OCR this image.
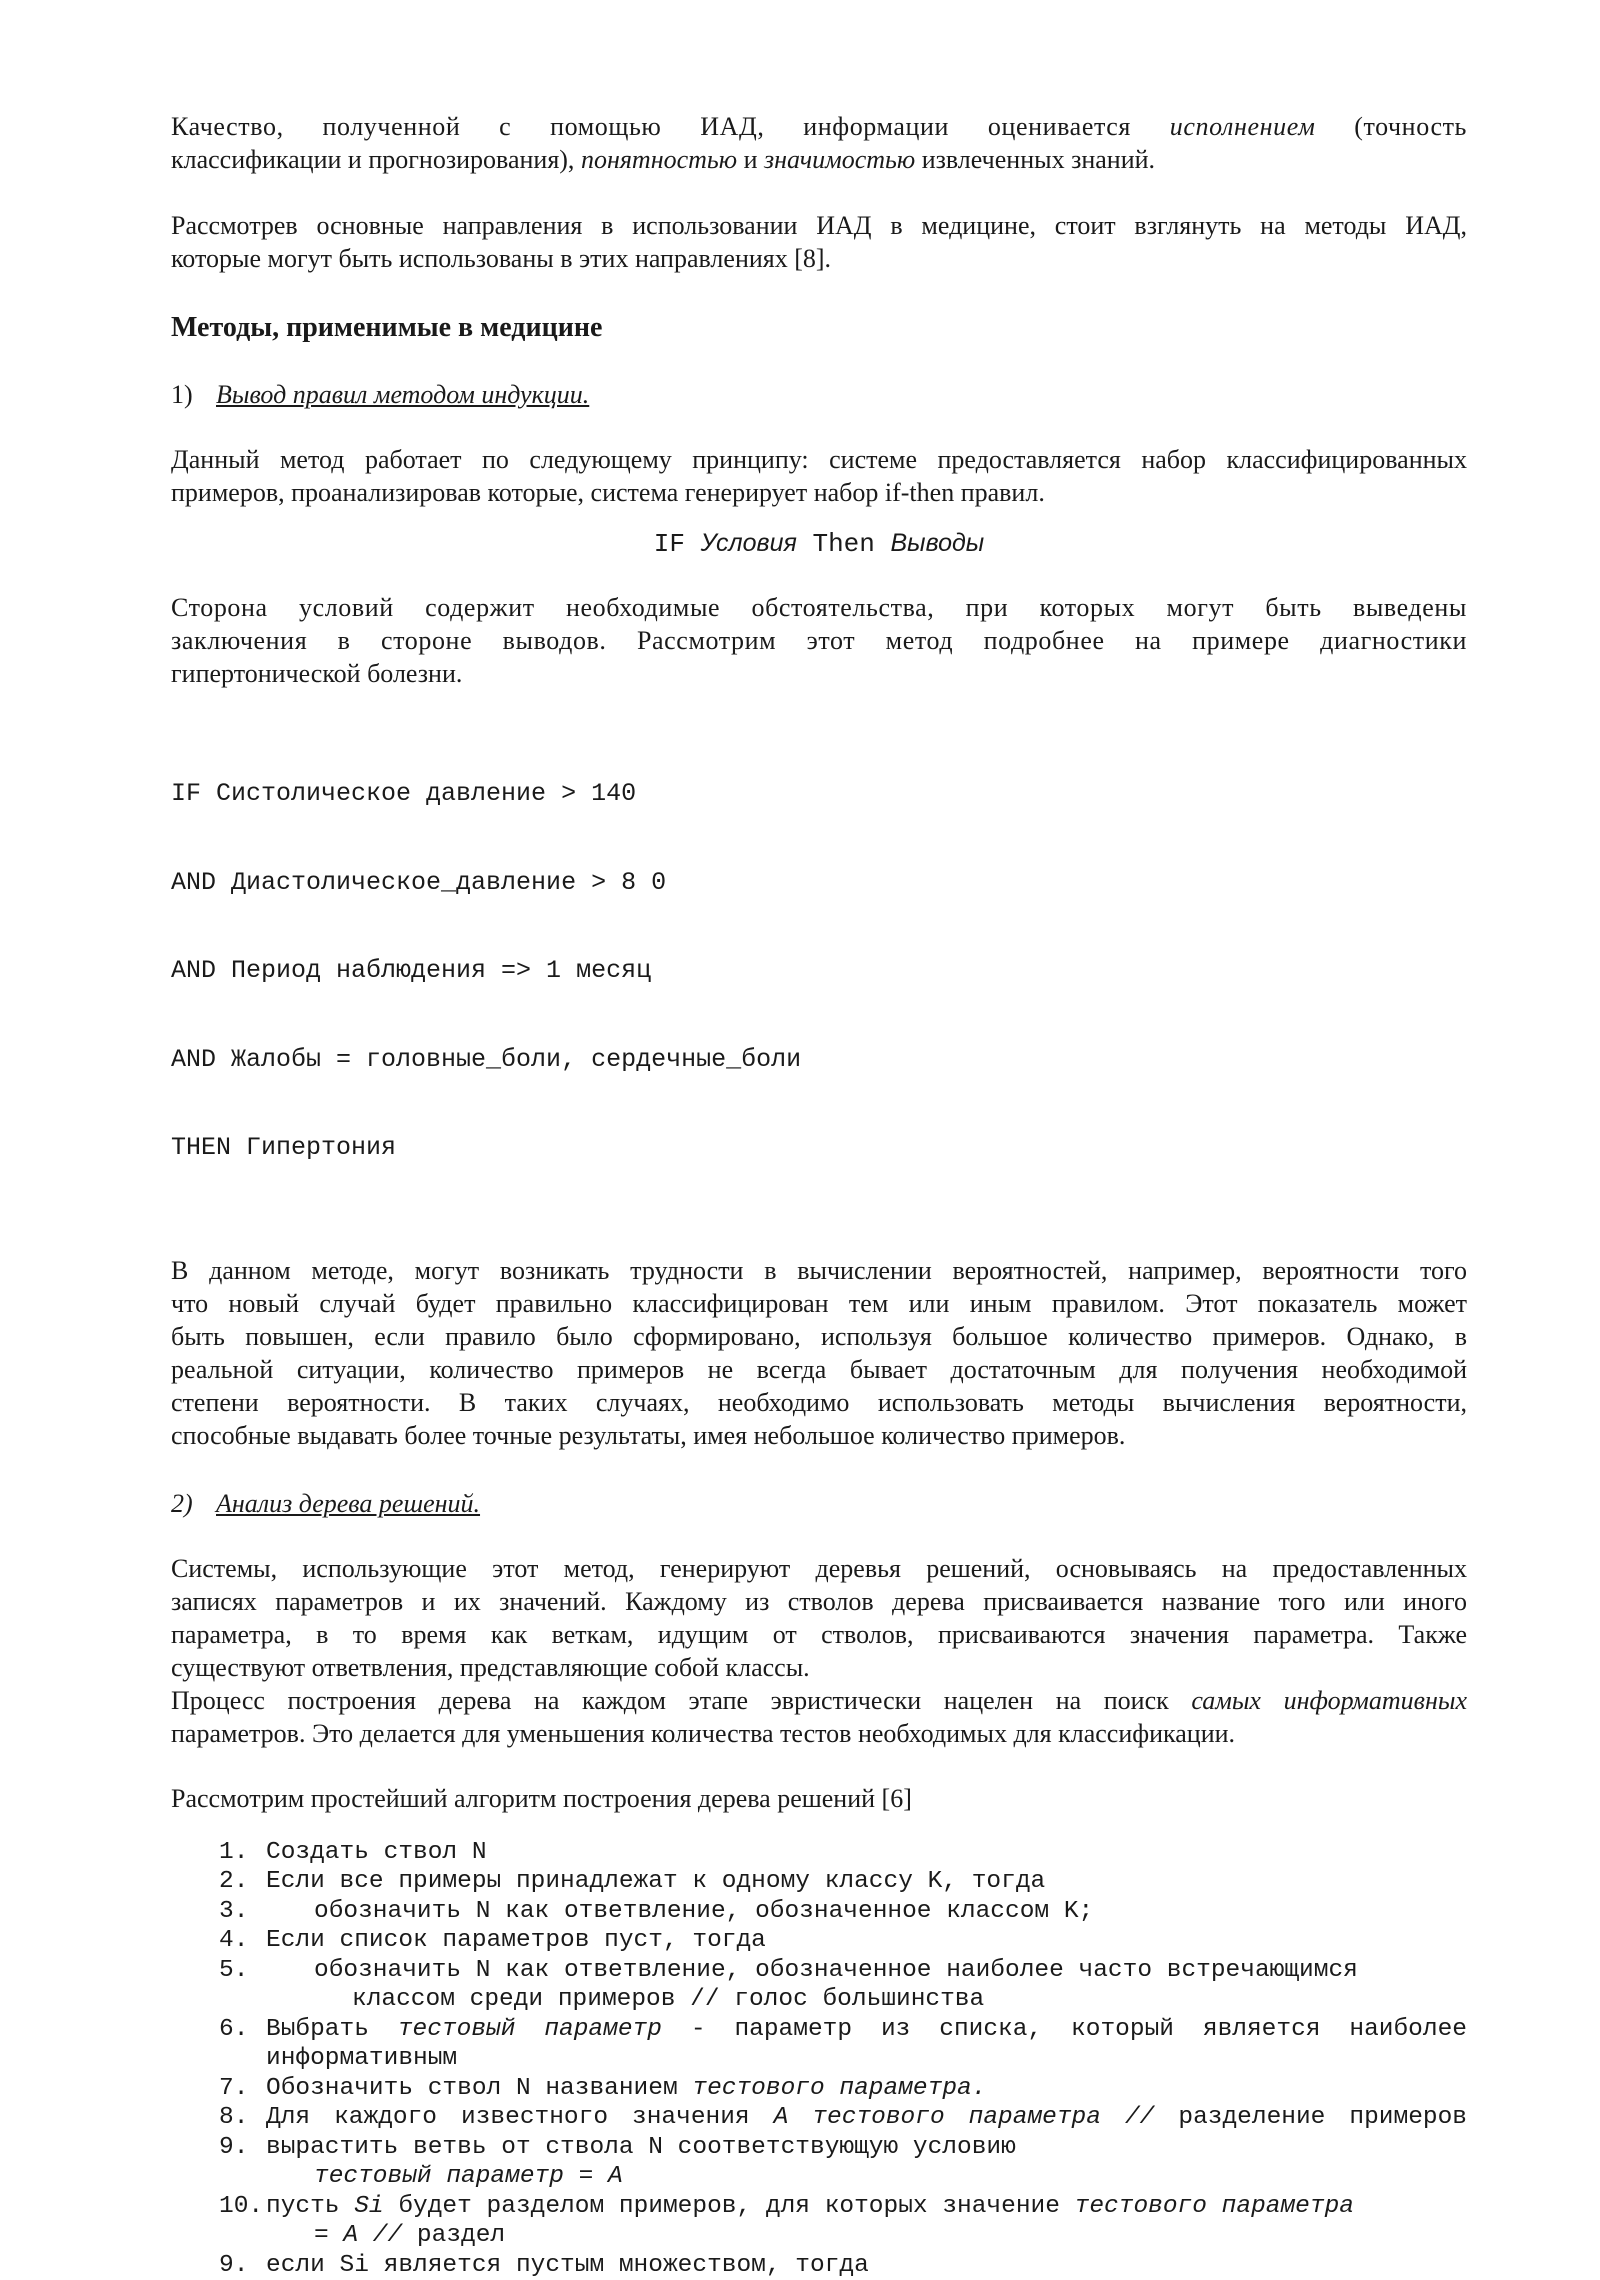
Качество, полученной с помощью ИАД, информации оценивается исполнением (точность

классификации и прогнозирования), понятностью и значимостью извлеченных знаний.

Рассмотрев основные направления в использовании ИАД в медицине, стоит взглянуть на методы ИАД,

которые могут быть использованы в этих направлениях [8].

Методы, применимые в медицине
1) Вывод правил методом индукции.

Данный метод работает по следующему принципу: системе предоставляется набор классифицированных

примеров, проанализировав которые, система генерирует набор if-then правил.

IF Условия Then Выводы

Сторона условий содержит необходимые обстоятельства, при которых могут быть выведены

заключения в стороне выводов. Рассмотрим этот метод подробнее на примере диагностики

гипертонической болезни.

IF Систолическое давление > 140

AND Диастолическое_давление > 8 0

AND Период наблюдения => 1 месяц

AND Жалобы = головные_боли, сердечные_боли

THEN Гипертония

В данном методе, могут возникать трудности в вычислении вероятностей, например, вероятности того

что новый случай будет правильно классифицирован тем или иным правилом. Этот показатель может

быть повышен, если правило было сформировано, используя большое количество примеров. Однако, в

реальной ситуации, количество примеров не всегда бывает достаточным для получения необходимой

степени вероятности. В таких случаях, необходимо использовать методы вычисления вероятности,

способные выдавать более точные результаты, имея небольшое количество примеров.

2) Анализ дерева решений.

Системы, использующие этот метод, генерируют деревья решений, основываясь на предоставленных

записях параметров и их значений. Каждому из стволов дерева присваивается название того или иного

параметра, в то время как веткам, идущим от стволов, присваиваются значения параметра. Также

существуют ответвления, представляющие собой классы.

Процесс построения дерева на каждом этапе эвристически нацелен на поиск самых информативных

параметров. Это делается для уменьшения количества тестов необходимых для классификации.

Рассмотрим простейший алгоритм построения дерева решений [6]

1. Создать ствол N
2. Если все примеры принадлежат к одному классу K, тогда
3.	обозначить N как ответвление, обозначенное классом K;
4. Если список параметров пуст, тогда
5.	обозначить N как ответвление, обозначенное наиболее часто встречающимся
классом среди примеров // голос большинства
6. Выбрать тестовый параметр - параметр из списка, который является наиболее
информативным
7. Обозначить ствол N названием тестового параметра.
8. Для каждого известного значения A тестового параметра // разделение примеров
9. вырастить ветвь от ствола N соответствующую условию
тестовый параметр = A
10. пусть Si будет разделом примеров, для которых значение тестового параметра
= A // раздел
9. если Si является пустым множеством, тогда
